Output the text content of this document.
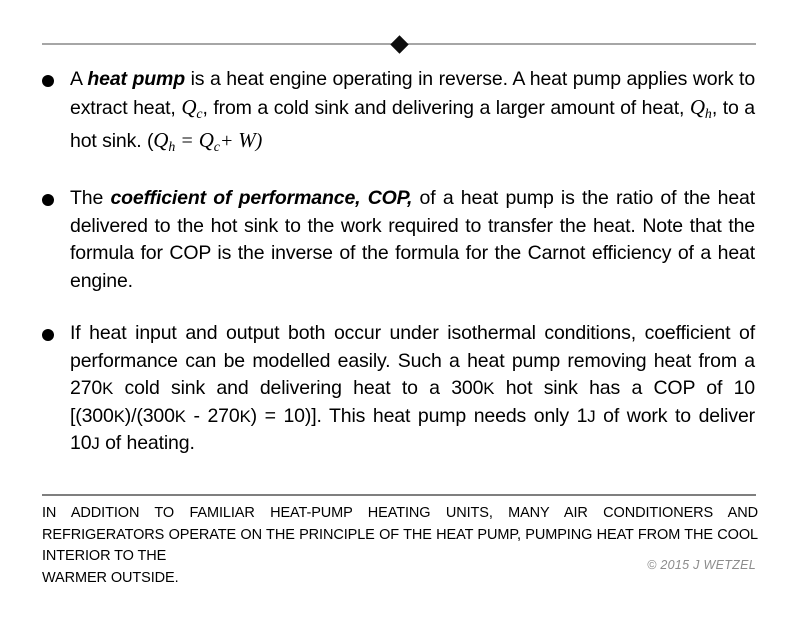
A heat pump is a heat engine operating in reverse. A heat pump applies work to extract heat, $Q_c$, from a cold sink and delivering a larger amount of heat, $Q_h$, to a hot sink. $(Q_h = Q_c+ W)$
The coefficient of performance, COP, of a heat pump is the ratio of the heat delivered to the hot sink to the work required to transfer the heat. Note that the formula for COP is the inverse of the formula for the Carnot efficiency of a heat engine.
If heat input and output both occur under isothermal conditions, coefficient of performance can be modelled easily. Such a heat pump removing heat from a 270K cold sink and delivering heat to a 300K hot sink has a COP of 10 [(300K)/(300K - 270K) = 10)]. This heat pump needs only 1J of work to deliver 10J of heating.
IN ADDITION TO FAMILIAR HEAT-PUMP HEATING UNITS, MANY AIR CONDITIONERS AND REFRIGERATORS OPERATE ON THE PRINCIPLE OF THE HEAT PUMP, PUMPING HEAT FROM THE COOL INTERIOR TO THE
WARMER OUTSIDE.
© 2015 J WETZEL
